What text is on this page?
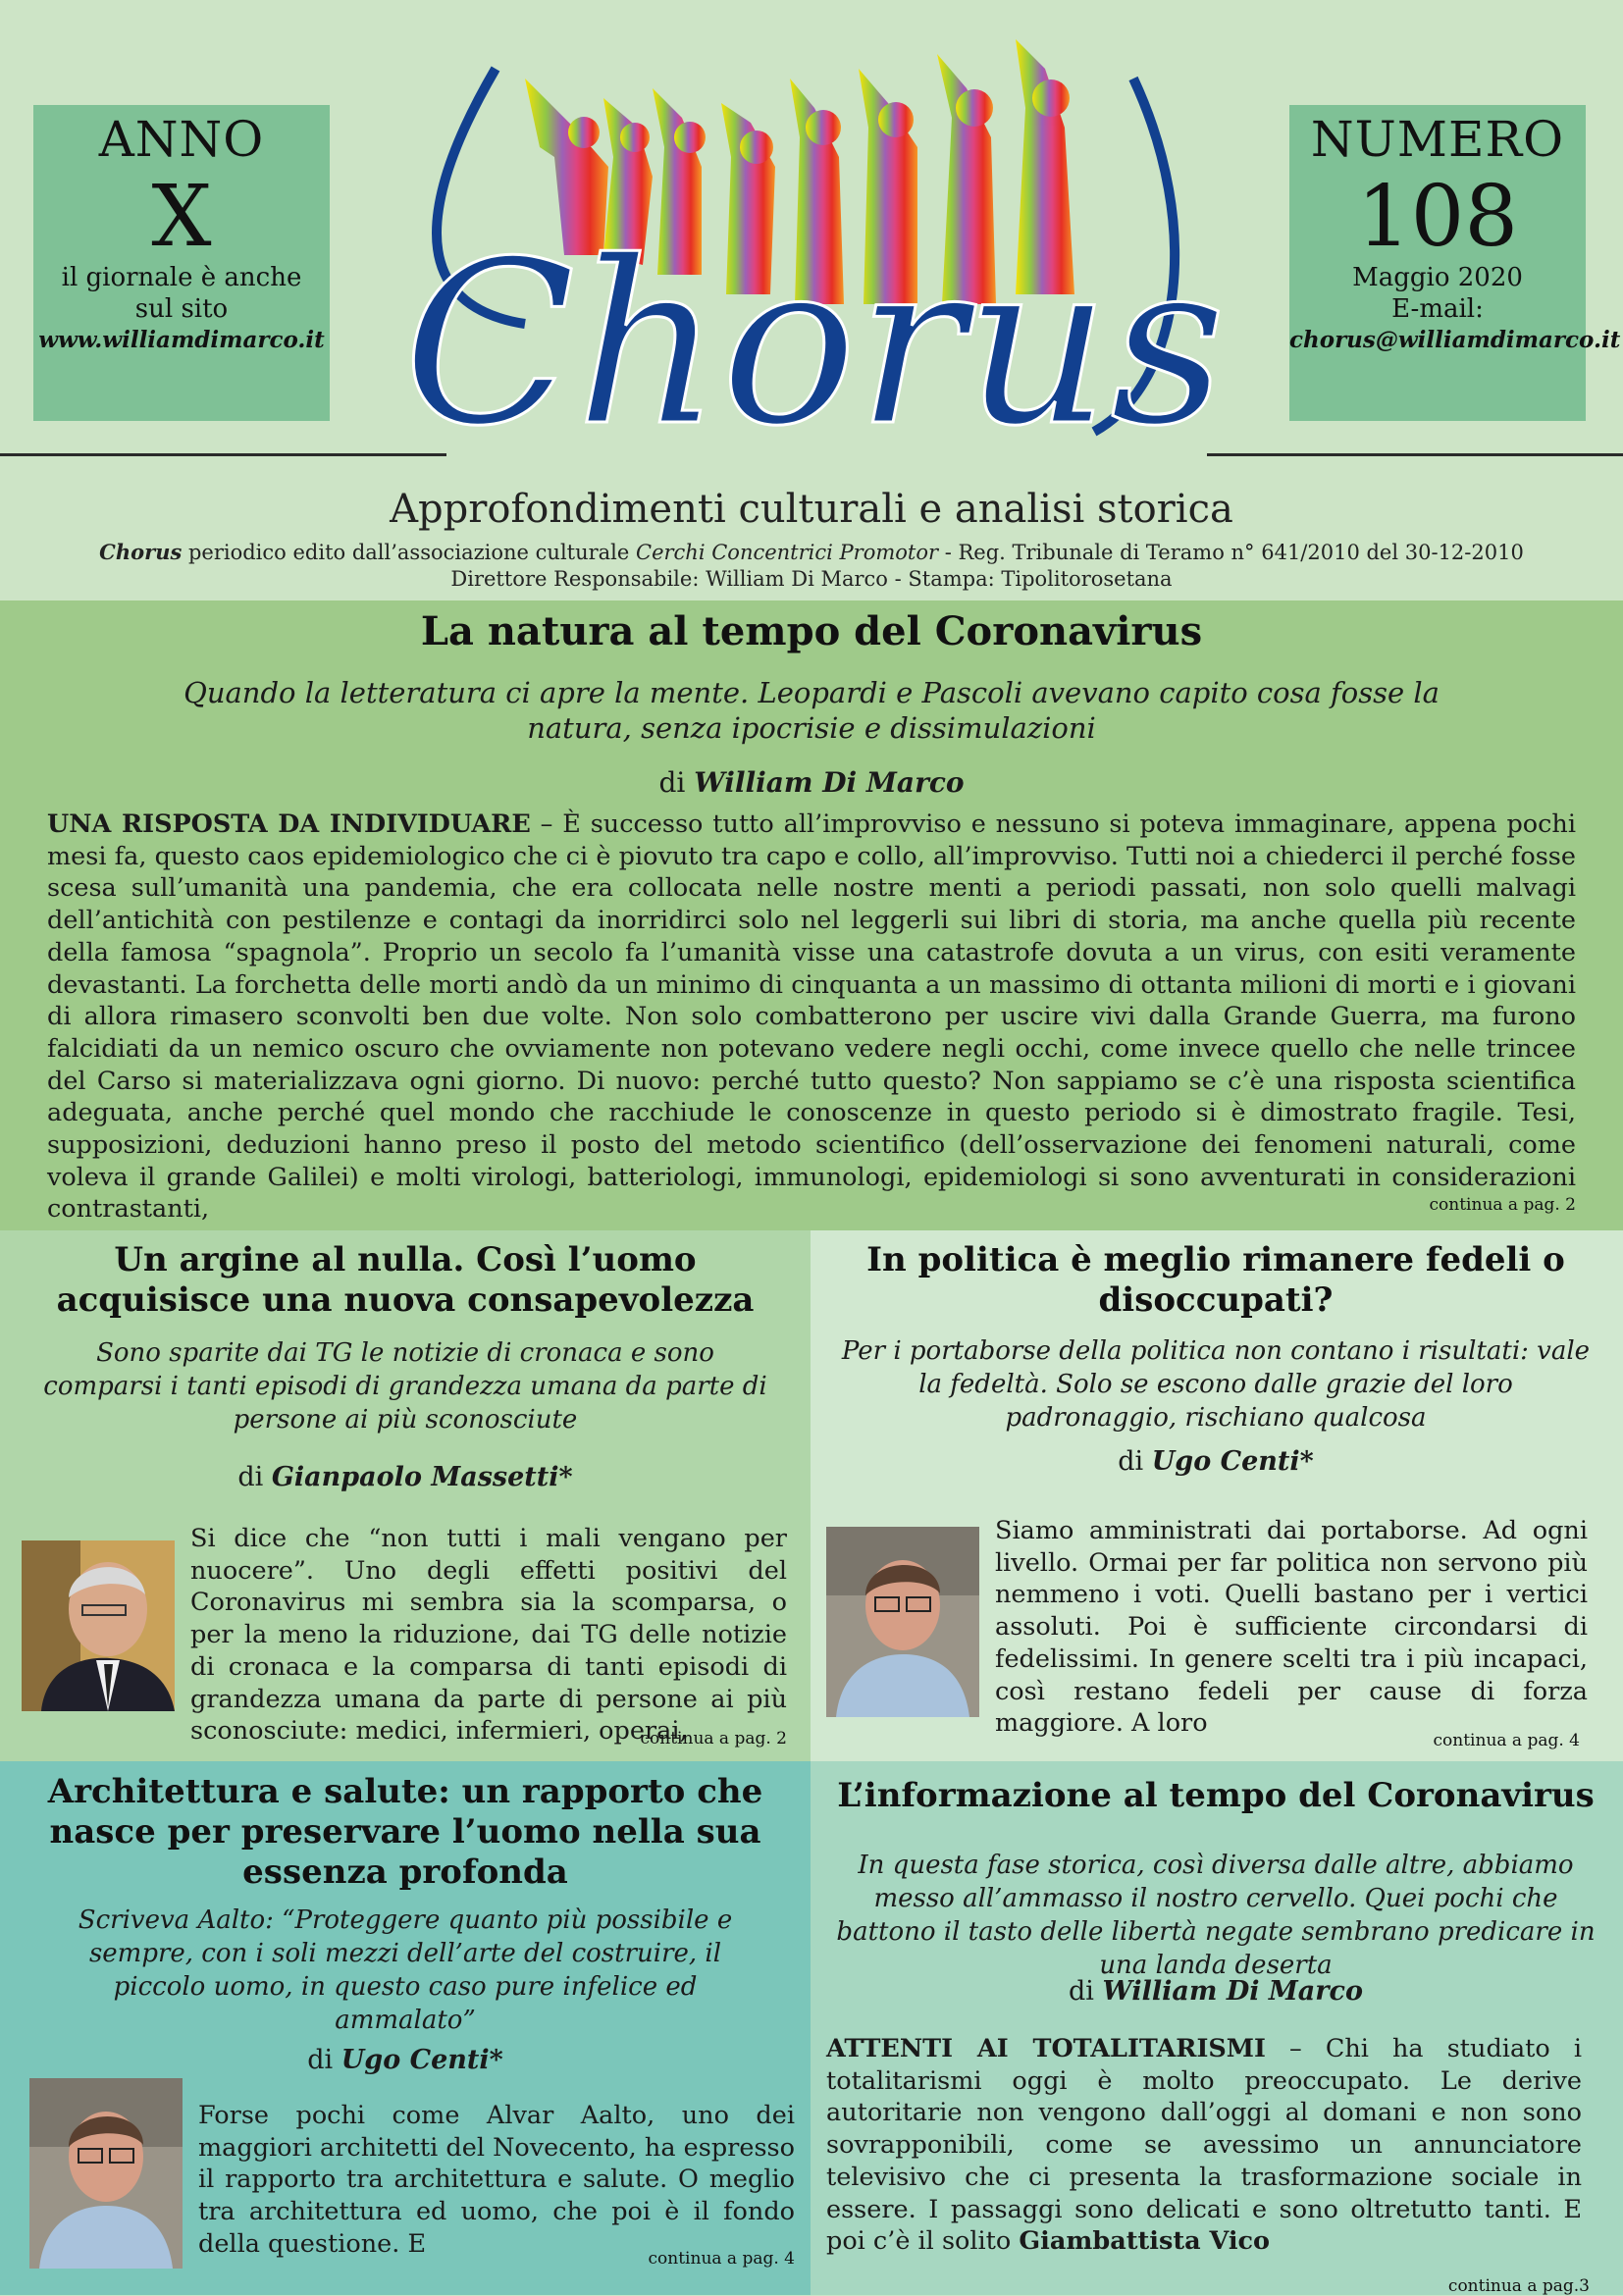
ANNO
X
il giornale è anche
sul sito
www.williamdimarco.it
NUMERO
108
Maggio 2020
E-mail:
chorus@williamdimarco.it
Chorus
Approfondimenti culturali e analisi storica
Chorus periodico edito dall’associazione culturale Cerchi Concentrici Promotor - Reg. Tribunale di Teramo n° 641/2010 del 30-12-2010
Direttore Responsabile: William Di Marco - Stampa: Tipolitorosetana
La natura al tempo del Coronavirus
Quando la letteratura ci apre la mente. Leopardi e Pascoli avevano capito cosa fosse la natura, senza ipocrisie e dissimulazioni
di William Di Marco
UNA RISPOSTA DA INDIVIDUARE – È successo tutto all’improvviso e nessuno si poteva immaginare, appena pochi mesi fa, questo caos epidemiologico che ci è piovuto tra capo e collo, all’improvviso. Tutti noi a chiederci il perché fosse scesa sull’umanità una pandemia, che era collocata nelle nostre menti a periodi passati, non solo quelli malvagi dell’antichità con pestilenze e contagi da inorridirci solo nel leggerli sui libri di storia, ma anche quella più recente della famosa “spagnola”. Proprio un secolo fa l’umanità visse una catastrofe dovuta a un virus, con esiti veramente devastanti. La forchetta delle morti andò da un minimo di cinquanta a un massimo di ottanta milioni di morti e i giovani di allora rimasero sconvolti ben due volte. Non solo combatterono per uscire vivi dalla Grande Guerra, ma furono falcidiati da un nemico oscuro che ovviamente non potevano vedere negli occhi, come invece quello che nelle trincee del Carso si materializzava ogni giorno. Di nuovo: perché tutto questo? Non sappiamo se c’è una risposta scientifica adeguata, anche perché quel mondo che racchiude le conoscenze in questo periodo si è dimostrato fragile. Tesi, supposizioni, deduzioni hanno preso il posto del metodo scientifico (dell’osservazione dei fenomeni naturali, come voleva il grande Galilei) e molti virologi, batteriologi, immunologi, epidemiologi si sono avventurati in considerazioni contrastanti,	continua a pag. 2
Un argine al nulla. Così l’uomo acquisisce una nuova consapevolezza
Sono sparite dai TG le notizie di cronaca e sono comparsi i tanti episodi di grandezza umana da parte di persone ai più sconosciute
di Gianpaolo Massetti*
Si dice che “non tutti i mali vengano per nuocere”. Uno degli effetti positivi del Coronavirus mi sembra sia la scomparsa, o per la meno la riduzione, dai TG delle notizie di cronaca e la comparsa di tanti episodi di grandezza umana da parte di persone ai più sconosciute: medici, infermieri, operai,
continua a pag. 2
In politica è meglio rimanere fedeli o disoccupati?
Per i portaborse della politica non contano i risultati: vale la fedeltà. Solo se escono dalle grazie del loro padronaggio, rischiano qualcosa
di Ugo Centi*
Siamo amministrati dai portaborse. Ad ogni livello. Ormai per far politica non servono più nemmeno i voti. Quelli bastano per i vertici assoluti. Poi è sufficiente circondarsi di fedelissimi. In genere scelti tra i più incapaci, così restano fedeli per cause di forza maggiore. A loro
continua a pag. 4
Architettura e salute: un rapporto che nasce per preservare l’uomo nella sua essenza profonda
Scriveva Aalto: “Proteggere quanto più possibile e sempre, con i soli mezzi dell’arte del costruire, il piccolo uomo, in questo caso pure infelice ed ammalato”
di Ugo Centi*
Forse pochi come Alvar Aalto, uno dei maggiori architetti del Novecento, ha espresso il rapporto tra architettura e salute. O meglio tra architettura ed uomo, che poi è il fondo della questione. E
continua a pag. 4
L’informazione al tempo del Coronavirus
In questa fase storica, così diversa dalle altre, abbiamo messo all’ammasso il nostro cervello. Quei pochi che battono il tasto delle libertà negate sembrano predicare in una landa deserta
di William Di Marco
ATTENTI AI TOTALITARISMI – Chi ha studiato i totalitarismi oggi è molto preoccupato. Le derive autoritarie non vengono dall’oggi al domani e non sono sovrapponibili, come se avessimo un annunciatore televisivo che ci presenta la trasformazione sociale in essere. I passaggi sono delicati e sono oltretutto tanti. E poi c’è il solito Giambattista Vico
continua a pag.3
